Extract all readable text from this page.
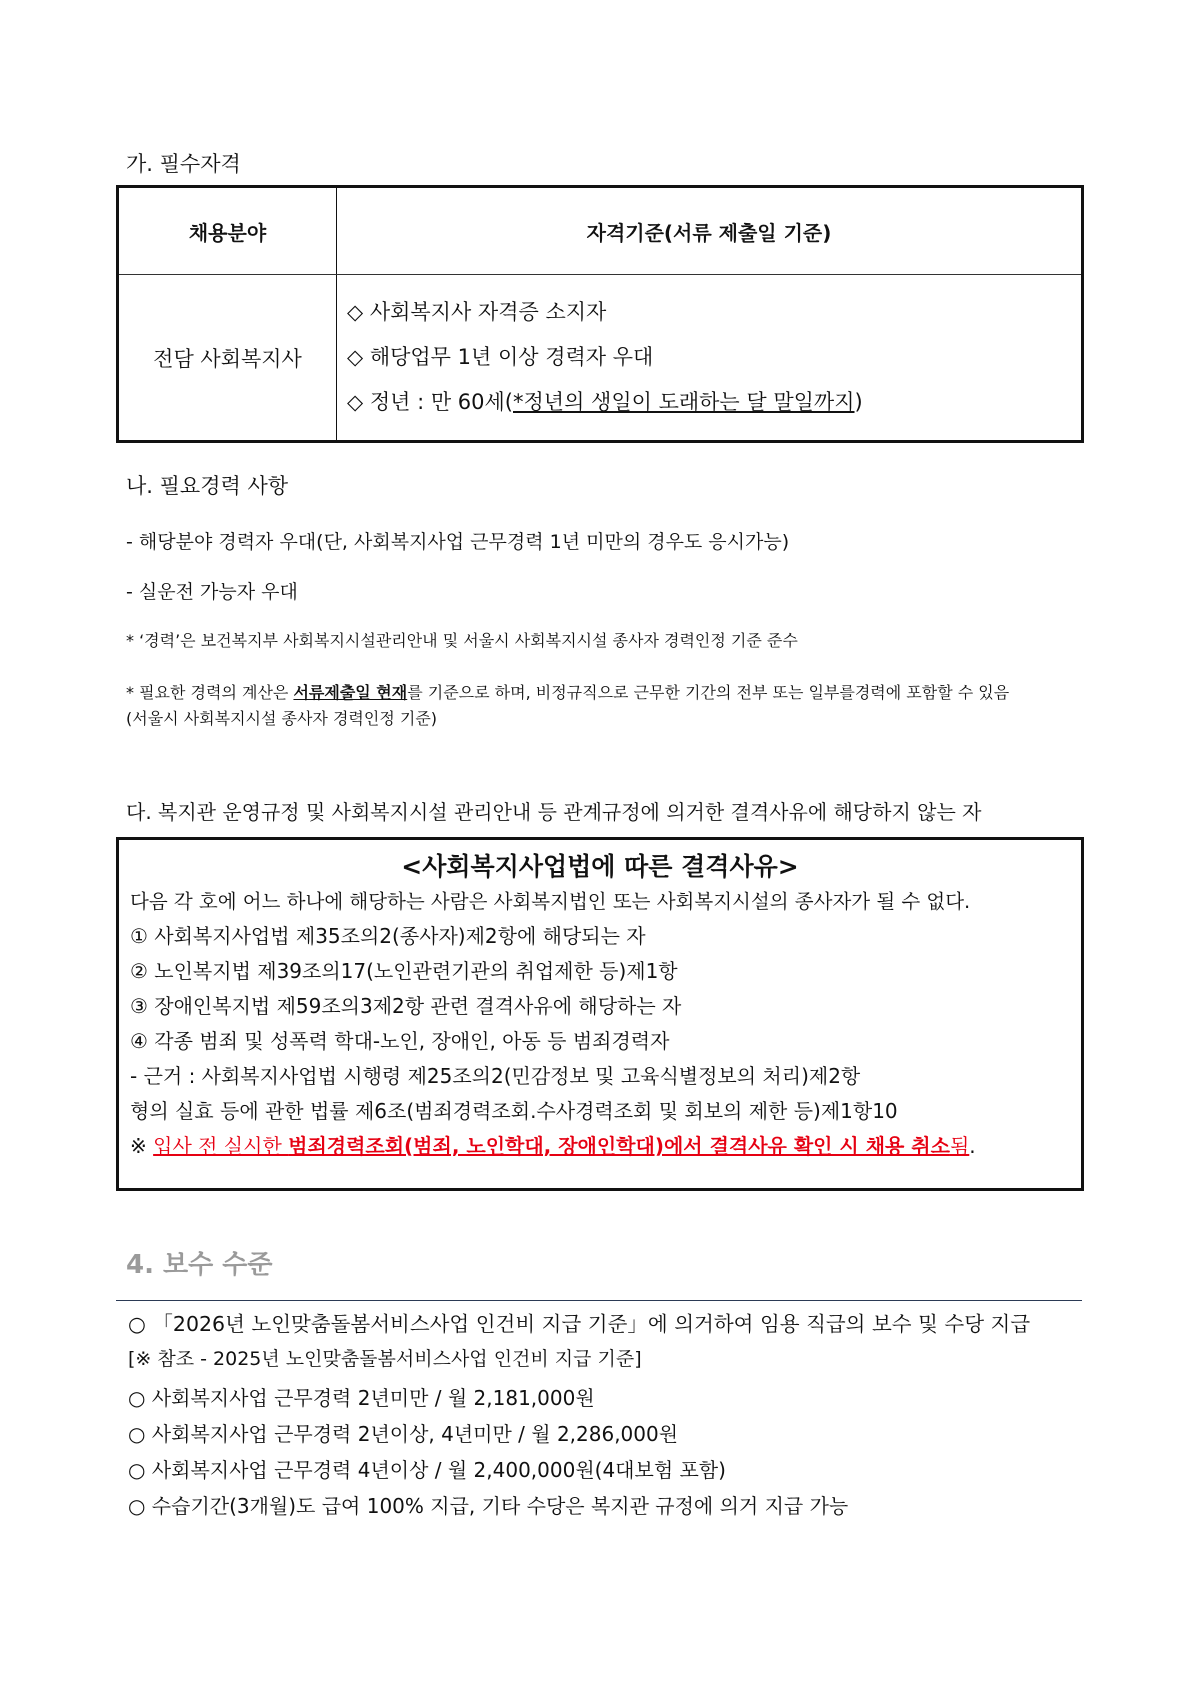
가. 필수자격
채용분야	자격기준(서류 제출일 기준)
전담 사회복지사	◇ 사회복지사 자격증 소지자
◇ 해당업무 1년 이상 경력자 우대
◇ 정년 : 만 60세(*정년의 생일이 도래하는 달 말일까지)
나. 필요경력 사항
- 해당분야 경력자 우대(단, 사회복지사업 근무경력 1년 미만의 경우도 응시가능)
- 실운전 가능자 우대
* ‘경력’은 보건복지부 사회복지시설관리안내 및 서울시 사회복지시설 종사자 경력인정 기준 준수
* 필요한 경력의 계산은 서류제출일 현재를 기준으로 하며, 비정규직으로 근무한 기간의 전부 또는 일부를경력에 포함할 수 있음
(서울시 사회복지시설 종사자 경력인정 기준)
다. 복지관 운영규정 및 사회복지시설 관리안내 등 관계규정에 의거한 결격사유에 해당하지 않는 자
<사회복지사업법에 따른 결격사유>
다음 각 호에 어느 하나에 해당하는 사람은 사회복지법인 또는 사회복지시설의 종사자가 될 수 없다.
① 사회복지사업법 제35조의2(종사자)제2항에 해당되는 자
② 노인복지법 제39조의17(노인관련기관의 취업제한 등)제1항
③ 장애인복지법 제59조의3제2항 관련 결격사유에 해당하는 자
④ 각종 범죄 및 성폭력 학대-노인, 장애인, 아동 등 범죄경력자
- 근거 : 사회복지사업법 시행령 제25조의2(민감정보 및 고육식별정보의 처리)제2항
형의 실효 등에 관한 법률 제6조(범죄경력조회.수사경력조회 및 회보의 제한 등)제1항10
※ 입사 전 실시한 범죄경력조회(범죄, 노인학대, 장애인학대)에서 결격사유 확인 시 채용 취소됨.
4. 보수 수준
○ 「2026년 노인맞춤돌봄서비스사업 인건비 지급 기준」에 의거하여 임용 직급의 보수 및 수당 지급
[※ 참조 - 2025년 노인맞춤돌봄서비스사업 인건비 지급 기준]
○ 사회복지사업 근무경력 2년미만 / 월 2,181,000원
○ 사회복지사업 근무경력 2년이상, 4년미만 / 월 2,286,000원
○ 사회복지사업 근무경력 4년이상 / 월 2,400,000원(4대보험 포함)
○ 수습기간(3개월)도 급여 100% 지급, 기타 수당은 복지관 규정에 의거 지급 가능
